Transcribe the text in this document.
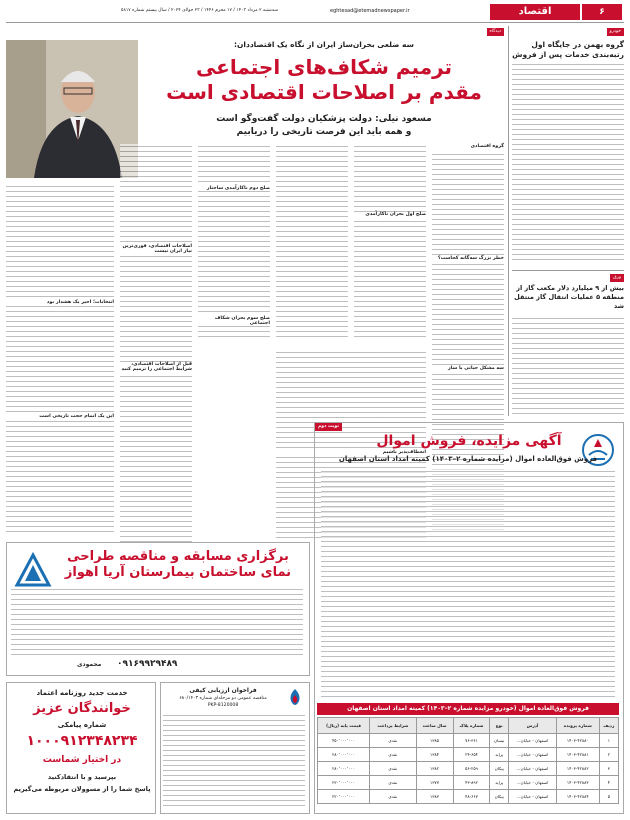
۶
اقتصاد
eghtesad@etemadnewspaper.ir
سه‌شنبه ۲ مرداد ۱۴۰۳ / ۱۷ محرم ۱۴۴۶ / ۲۳ جولای ۲۰۲۴ / سال بیستم شماره ۵۸۱۷
خودرو
گروه بهمن در جایگاه اول رتبه‌بندی خدمات پس از فروش
ورق
بیش از ۹ میلیارد دلار مکعب گاز از منطقه ۵ عملیات انتقال گاز منتقل شد
دیدگاه
سه ضلعی بحران‌ساز ایران از نگاه یک اقتصاددان:
ترمیم شکاف‌های اجتماعی
مقدم بر اصلاحات اقتصادی است
مسعود نیلی: دولت پزشکیان دولت گفت‌وگو است
و همه باید این فرصت تاریخی را دریابیم
گروه اقتصادی
خطر بزرگ سه‌گانه کجاست؟
سه مشکل حیاتی با ساز
صلح اول بحران ناکارآمدی
صلح دوم ناکارآمدی ساختار
صلح سوم بحران شکاف اجتماعی
اصلاحات اقتصادی، فوری‌ترین نیاز ایران نیست
قبل از اصلاحات اقتصادی، شرایط اجتماعی را ترمیم کنید
انتخابات؛ اخیر یک هشدار بود
این یک اتمام حجت تاریخی است
انعطاف‌پذیر باشیم
نوبت دوم
آگهی مزایده، فروش اموال
فروش فوق‌العاده اموال (مزایده شماره ۲–۱۴۰۳) کمیته امداد استان اصفهان
فروش فوق‌العاده اموال (خودرو مزایده شماره ۲–۱۴۰۳) کمیته امداد استان اصفهان
ردیف	شماره پرونده	آدرس	نوع	شماره پلاک	سال ساخت	شرایط پرداخت	قیمت پایه (ریال)
۱	۱۴۰۳-۴۲۸۸۰	اصفهان - خیابان...	نیسان	۷۶-۳۶۱	۱۳۸۵	نقدی	۴۵۰٬۰۰۰٬۰۰۰
۲	۱۴۰۳-۴۲۸۸۱	اصفهان - خیابان...	پراید	۲۴-۶۵۴	۱۳۸۴	نقدی	۲۸۰٬۰۰۰٬۰۰۰
۳	۱۴۰۳-۴۲۸۸۲	اصفهان - خیابان...	پیکان	۵۶-۲۵۹	۱۳۸۲	نقدی	۲۸۰٬۰۰۰٬۰۰۰
۴	۱۴۰۳-۴۲۸۸۳	اصفهان - خیابان...	پراید	۴۳-۸۹۲	۱۳۷۷	نقدی	۲۳۰٬۰۰۰٬۰۰۰
۵	۱۴۰۳-۴۲۸۸۴	اصفهان - خیابان...	پیکان	۴۸-۶۶۷	۱۳۸۳	نقدی	۲۲۰٬۰۰۰٬۰۰۰
برگزاری مسابقه و مناقصه طراحی
نمای ساختمان بیمارستان آریا اهواز
۰۹۱۶۹۹۲۹۴۸۹
محمودی
خدمت جدید روزنامه اعتماد
خوانندگان عزیز
شماره پیامکی
۱۰۰۰۹۱۲۳۴۸۲۳۴
در اختیار شماست
بپرسید و با انتقادکنید
پاسخ‌ شما را از مسوولان مربوطه می‌گیریم
فراخوان ارزیابی کیفی
مناقصه عمومی دو مرحله‌ای شماره ۶۸۰/۱۴۰۳
PKP-8120008
